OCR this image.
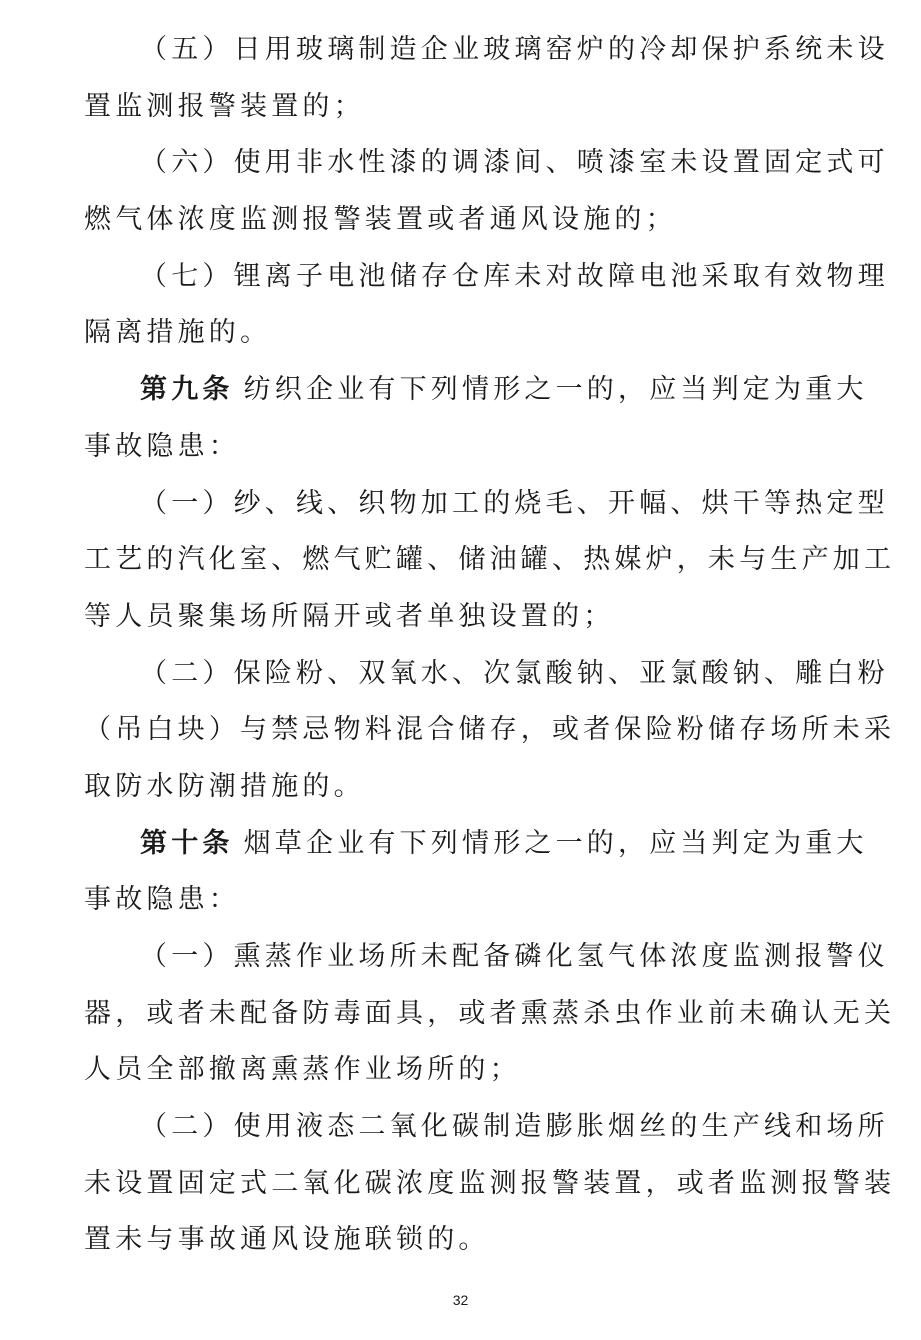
（五）日用玻璃制造企业玻璃窑炉的冷却保护系统未设
置监测报警装置的；
（六）使用非水性漆的调漆间、喷漆室未设置固定式可
燃气体浓度监测报警装置或者通风设施的；
（七）锂离子电池储存仓库未对故障电池采取有效物理
隔离措施的。
第九条 纺织企业有下列情形之一的，应当判定为重大
事故隐患：
（一）纱、线、织物加工的烧毛、开幅、烘干等热定型
工艺的汽化室、燃气贮罐、储油罐、热媒炉，未与生产加工
等人员聚集场所隔开或者单独设置的；
（二）保险粉、双氧水、次氯酸钠、亚氯酸钠、雕白粉
（吊白块）与禁忌物料混合储存，或者保险粉储存场所未采
取防水防潮措施的。
第十条 烟草企业有下列情形之一的，应当判定为重大
事故隐患：
（一）熏蒸作业场所未配备磷化氢气体浓度监测报警仪
器，或者未配备防毒面具，或者熏蒸杀虫作业前未确认无关
人员全部撤离熏蒸作业场所的；
（二）使用液态二氧化碳制造膨胀烟丝的生产线和场所
未设置固定式二氧化碳浓度监测报警装置，或者监测报警装
置未与事故通风设施联锁的。
32
